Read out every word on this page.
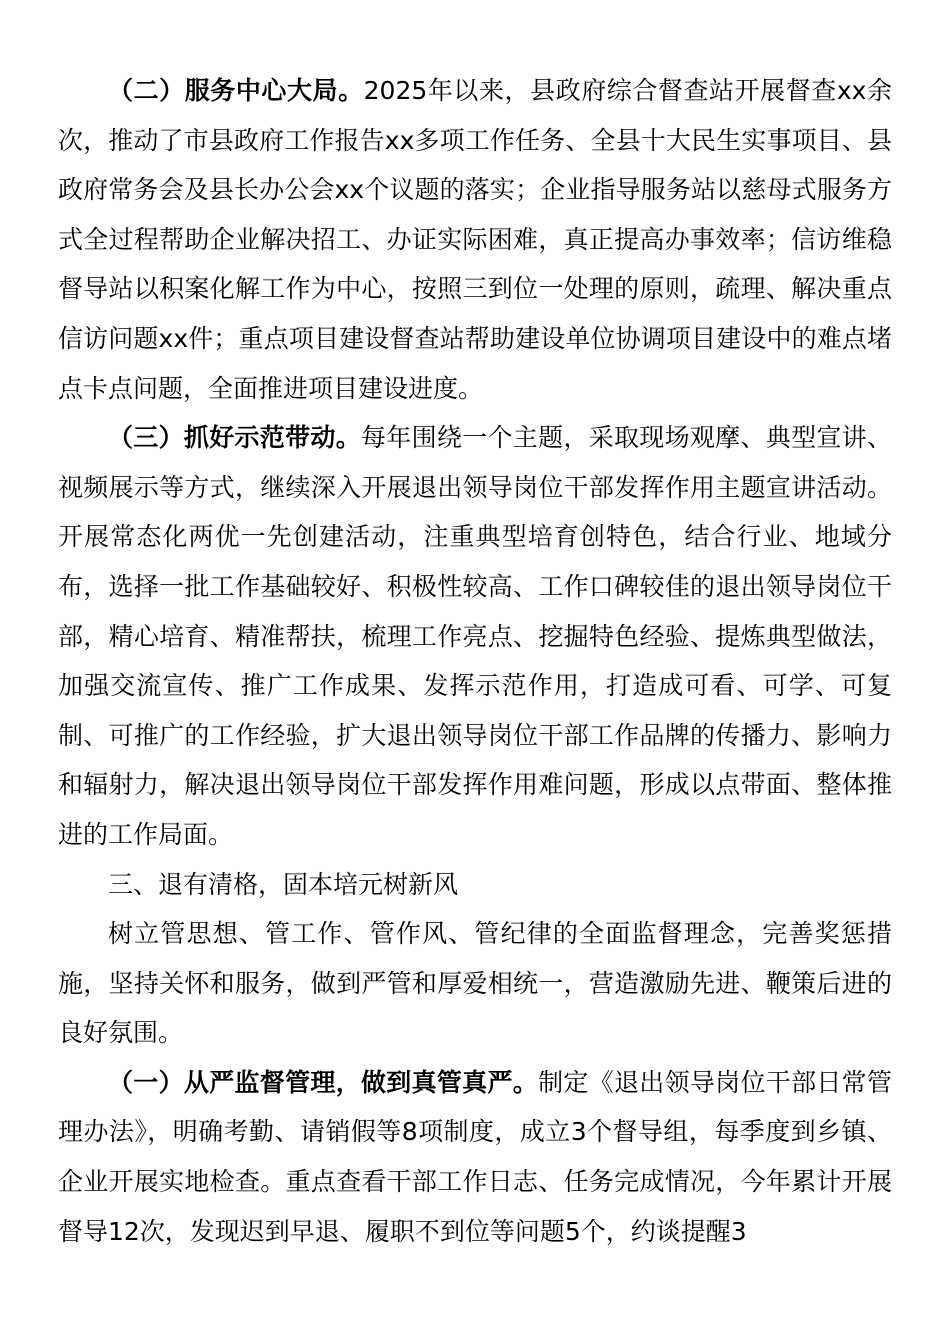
（二）服务中心大局。2025年以来，县政府综合督查站开展督查xx余次，推动了市县政府工作报告xx多项工作任务、全县十大民生实事项目、县政府常务会及县长办公会xx个议题的落实；企业指导服务站以慈母式服务方式全过程帮助企业解决招工、办证实际困难，真正提高办事效率；信访维稳督导站以积案化解工作为中心，按照三到位一处理的原则，疏理、解决重点信访问题xx件；重点项目建设督查站帮助建设单位协调项目建设中的难点堵点卡点问题，全面推进项目建设进度。

（三）抓好示范带动。每年围绕一个主题，采取现场观摩、典型宣讲、视频展示等方式，继续深入开展退出领导岗位干部发挥作用主题宣讲活动。开展常态化两优一先创建活动，注重典型培育创特色，结合行业、地域分布，选择一批工作基础较好、积极性较高、工作口碑较佳的退出领导岗位干部，精心培育、精准帮扶，梳理工作亮点、挖掘特色经验、提炼典型做法，加强交流宣传、推广工作成果、发挥示范作用，打造成可看、可学、可复制、可推广的工作经验，扩大退出领导岗位干部工作品牌的传播力、影响力和辐射力，解决退出领导岗位干部发挥作用难问题，形成以点带面、整体推进的工作局面。

三、退有清格，固本培元树新风

树立管思想、管工作、管作风、管纪律的全面监督理念，完善奖惩措施，坚持关怀和服务，做到严管和厚爱相统一，营造激励先进、鞭策后进的良好氛围。

（一）从严监督管理，做到真管真严。制定《退出领导岗位干部日常管理办法》，明确考勤、请销假等8项制度，成立3个督导组，每季度到乡镇、企业开展实地检查。重点查看干部工作日志、任务完成情况，今年累计开展督导12次，发现迟到早退、履职不到位等问题5个，约谈提醒3
